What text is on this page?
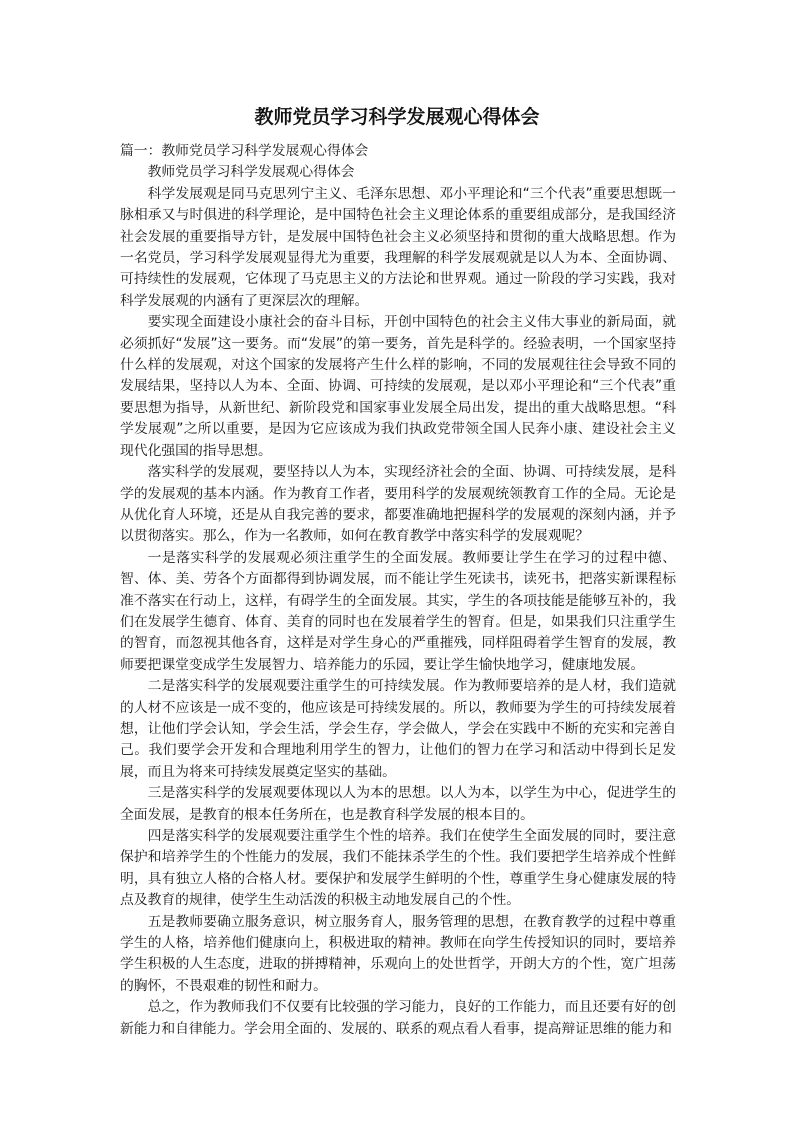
教师党员学习科学发展观心得体会

篇一：教师党员学习科学发展观心得体会

教师党员学习科学发展观心得体会

科学发展观是同马克思列宁主义、毛泽东思想、邓小平理论和“三个代表”重要思想既一脉相承又与时俱进的科学理论，是中国特色社会主义理论体系的重要组成部分，是我国经济社会发展的重要指导方针，是发展中国特色社会主义必须坚持和贯彻的重大战略思想。作为一名党员，学习科学发展观显得尤为重要，我理解的科学发展观就是以人为本、全面协调、可持续性的发展观，它体现了马克思主义的方法论和世界观。通过一阶段的学习实践，我对科学发展观的内涵有了更深层次的理解。

要实现全面建设小康社会的奋斗目标，开创中国特色的社会主义伟大事业的新局面，就必须抓好“发展”这一要务。而“发展”的第一要务，首先是科学的。经验表明，一个国家坚持什么样的发展观，对这个国家的发展将产生什么样的影响，不同的发展观往往会导致不同的发展结果，坚持以人为本、全面、协调、可持续的发展观，是以邓小平理论和“三个代表”重要思想为指导，从新世纪、新阶段党和国家事业发展全局出发，提出的重大战略思想。“科学发展观”之所以重要，是因为它应该成为我们执政党带领全国人民奔小康、建设社会主义现代化强国的指导思想。

落实科学的发展观，要坚持以人为本，实现经济社会的全面、协调、可持续发展，是科学的发展观的基本内涵。作为教育工作者，要用科学的发展观统领教育工作的全局。无论是从优化育人环境，还是从自我完善的要求，都要准确地把握科学的发展观的深刻内涵，并予以贯彻落实。那么，作为一名教师，如何在教育教学中落实科学的发展观呢？

一是落实科学的发展观必须注重学生的全面发展。教师要让学生在学习的过程中德、智、体、美、劳各个方面都得到协调发展，而不能让学生死读书，读死书，把落实新课程标准不落实在行动上，这样，有碍学生的全面发展。其实，学生的各项技能是能够互补的，我们在发展学生德育、体育、美育的同时也在发展着学生的智育。但是，如果我们只注重学生的智育，而忽视其他各育，这样是对学生身心的严重摧残，同样阻碍着学生智育的发展，教师要把课堂变成学生发展智力、培养能力的乐园，要让学生愉快地学习，健康地发展。

二是落实科学的发展观要注重学生的可持续发展。作为教师要培养的是人材，我们造就的人材不应该是一成不变的，他应该是可持续发展的。所以，教师要为学生的可持续发展着想，让他们学会认知，学会生活，学会生存，学会做人，学会在实践中不断的充实和完善自己。我们要学会开发和合理地利用学生的智力，让他们的智力在学习和活动中得到长足发展，而且为将来可持续发展奠定坚实的基础。

三是落实科学的发展观要体现以人为本的思想。以人为本，以学生为中心，促进学生的全面发展，是教育的根本任务所在，也是教育科学发展的根本目的。

四是落实科学的发展观要注重学生个性的培养。我们在使学生全面发展的同时，要注意保护和培养学生的个性能力的发展，我们不能抹杀学生的个性。我们要把学生培养成个性鲜明，具有独立人格的合格人材。要保护和发展学生鲜明的个性，尊重学生身心健康发展的特点及教育的规律，使学生生动活泼的积极主动地发展自己的个性。

五是教师要确立服务意识，树立服务育人，服务管理的思想，在教育教学的过程中尊重学生的人格，培养他们健康向上，积极进取的精神。教师在向学生传授知识的同时，要培养学生积极的人生态度，进取的拼搏精神，乐观向上的处世哲学，开朗大方的个性，宽广坦荡的胸怀，不畏艰难的韧性和耐力。

总之，作为教师我们不仅要有比较强的学习能力，良好的工作能力，而且还要有好的创新能力和自律能力。学会用全面的、发展的、联系的观点看人看事，提高辩证思维的能力和
